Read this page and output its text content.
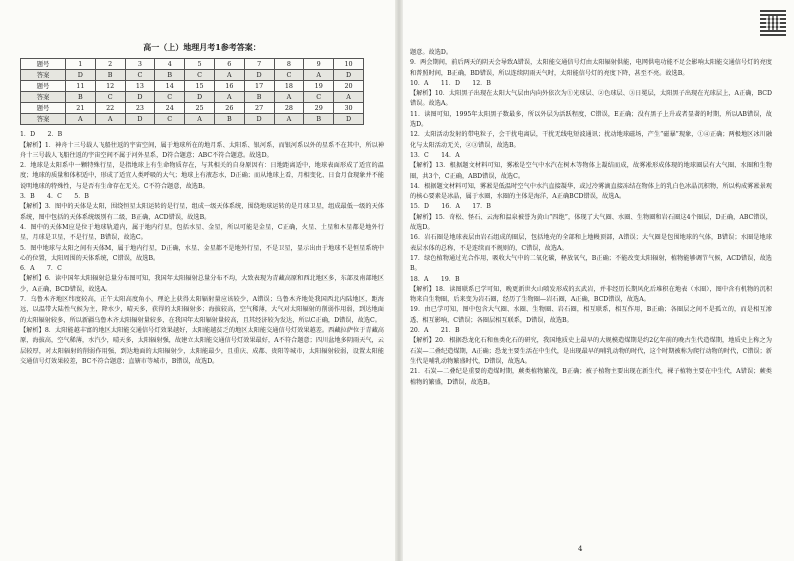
高一（上）地理月考1参考答案：
题号	1	2	3	4	5	6	7	8	9	10
答案	D	B	C	B	C	A	D	C	A	D
题号	11	12	13	14	15	16	17	18	19	20
答案	B	C	D	C	D	A	B	A	C	A
题号	21	22	23	24	25	26	27	28	29	30
答案	A	A	D	C	A	B	D	A	B	D

1．D　　2．B

【解析】1．神舟十三号载人飞船往返的宇宙空间，属于地球所在的地月系、太阳系、银河系，而银河系以外的星系不在其中，所以神舟十三号载人飞船往返的宇宙空间不属于河外星系，D符合题意；ABC不符合题意。故选D。

2．地球是太阳系中一颗特殊行星，是指地球上有生命物质存在，与其相关的自身原因有：日地距离适中，地球表面形成了适宜的温度；地球的质量和体积适中，形成了适宜人类呼吸的大气；地球上有液态水，D正确；而从地球上看，月相变化、日食月食现象并不能说明地球的特殊性，与是否有生命存在无关。C不符合题意，故选B。

3．B　　4．C　　5．B

【解析】3．图中的天体是太阳，围绕恒星太阳运转的是行星，组成一级天体系统，围绕地球运转的是月球卫星，组成最低一级的天体系统，图中包括的天体系统级别有二级，B正确，ACD错误，故选B。

4．图中的天体M应是位于地球轨道内，属于地内行星，包括水星、金星，所以可能是金星，C正确，火星、土星和木星都是地外行星，月球是卫星，不是行星，B错误，故选C。

5．图中地球与太阳之间有天体M，属于地内行星，D正确，水星、金星都不是地外行星，不是卫星，显示出由于地球不是恒星系统中心的位置，太阳周围的天体系统，C错误，故选B。

6．A　　7．C

【解析】6．读中国年太阳辐射总量分布图可知，我国年太阳辐射总量分布不均，大致表现为青藏高原和西北地区多，东部及南部地区少，A正确，BCD错误，故选A。

7．乌鲁木齐地区纬度较高，正午太阳高度角小，理论上获得太阳辐射量应该较少，A错误；乌鲁木齐地处我国西北内陆地区，距海远，以温带大陆性气候为主，降水少，晴天多，获得的太阳辐射多；海拔较高，空气稀薄，大气对太阳辐射的削弱作用弱，到达地面的太阳辐射较多，所以新疆乌鲁木齐太阳辐射量较多，在我国年太阳辐射量较高，且其经济较为发达，所以C正确，D错误，故选C。

【解析】8．太阳能越丰富的地区太阳能交通信号灯效果越好，太阳能越贫乏的地区太阳能交通信号灯效果越差。西藏拉萨位于青藏高原，海拔高，空气稀薄，水汽少，晴天多，太阳辐射强，故建立太阳能交通信号灯效果最好，A不符合题意；四川盆地多阴雨天气，云层较厚，对太阳辐射的削弱作用强，到达地面的太阳辐射少，太阳能最少，且重庆、成都、贵阳等城市，太阳辐射较弱，设置太阳能交通信号灯效果较差，BC不符合题意；直辖市等城市，B错误，故选D。

题意。故选D。

9．两会期间，前后两天的阴天会导致A错误，太阳能交通信号灯由太阳辐射供能，电网供电功能不足会影响太阳能交通信号灯的亮度和普照时间，B正确，BD错误，所以连续阴雨天气时，太阳能信号灯的亮度下降，甚至不亮。故选B。

10．A　　11．D　　12．B

【解析】10．太阳黑子出现在太阳大气层由内向外依次为①光球层、②色球层、③日冕层，太阳黑子出现在光球层上，A正确，BCD错误。故选A。

11．读图可知，1995年太阳黑子数最多，所以外层为活跃程度，C错误，E正确；没有黑子上升或者显著的时期，所以AB错误，故选D。

12．太阳活动发射的带电粒子，会干扰电离层，干扰无线电短波通讯；扰动地球磁场，产生“磁暴”现象，①④正确；两极地区冰川融化与太阳活动无关，②③错误，故选B。

13．C　　14．A

【解析】13．根据题文材料可知，雾凇是空气中水汽在树木等物体上凝结而成，故雾凇形成体现的地球圈层有大气圈、水圈和生物圈，共3个，C正确，ABD错误，故选C。

14．根据题文材料可知，雾凇是低温时空气中水汽直接凝华，或过冷雾滴直接冻结在物体上的乳白色冰晶沉积物，所以构成雾凇景观的核心要素是冰晶，属于水圈，水圈的主体是海洋，A正确BCD错误，故选A。

15．D　　16．A　　17．B

【解析】15．奇松、怪石、云海和温泉被誉为黄山“四绝”，体现了大气圈、水圈、生物圈和岩石圈这4个圈层，D正确，ABC错误，故选D。

16．岩石圈是地球表层由岩石组成的圈层，包括地壳的全部和上地幔顶部，A错误；大气圈是包围地球的气体，B错误；水圈是地球表层水体的总称，不是连续而不规则的，C错误，故选A。

17．绿色植物通过光合作用，吸收大气中的二氧化碳，释放氧气，B正确；不能改变太阳辐射，植物能够调节气候，ACD错误，故选B。

18．A　　19．B

【解析】18．读图联系已学可知，晚更新世火山喷发形成的玄武岩，并非经历长期风化后堆积在地表（水圈），图中含有机物的沉积物来自生物圈，后来变为岩石圈，经历了生物圈—岩石圈，A正确，BCD错误，故选A。

19．由已学可知，图中包含大气圈、水圈、生物圈、岩石圈，相互联系，相互作用，B正确；各圈层之间不是孤立的，而是相互渗透、相互影响，C错误；各圈层相互联系，D错误，故选B。

20．A　　21．B

【解析】20．根据恐龙化石和鱼类化石的研究，我国地质史上最早的大规模造煤期是约2亿年前的晚古生代造煤期，地质史上称之为石炭—二叠纪造煤期，A正确；恐龙主要生活在中生代，是出现最早的哺乳动物的时代，这个时期被称为爬行动物的时代，C错误；新生代是哺乳动物繁盛时代，D错误，故选A。

21．石炭—二叠纪是重要的造煤时期，蕨类植物繁茂，B正确；被子植物主要出现在新生代，裸子植物主要在中生代，A错误；蕨类植物的繁盛，D错误，故选B。

4
